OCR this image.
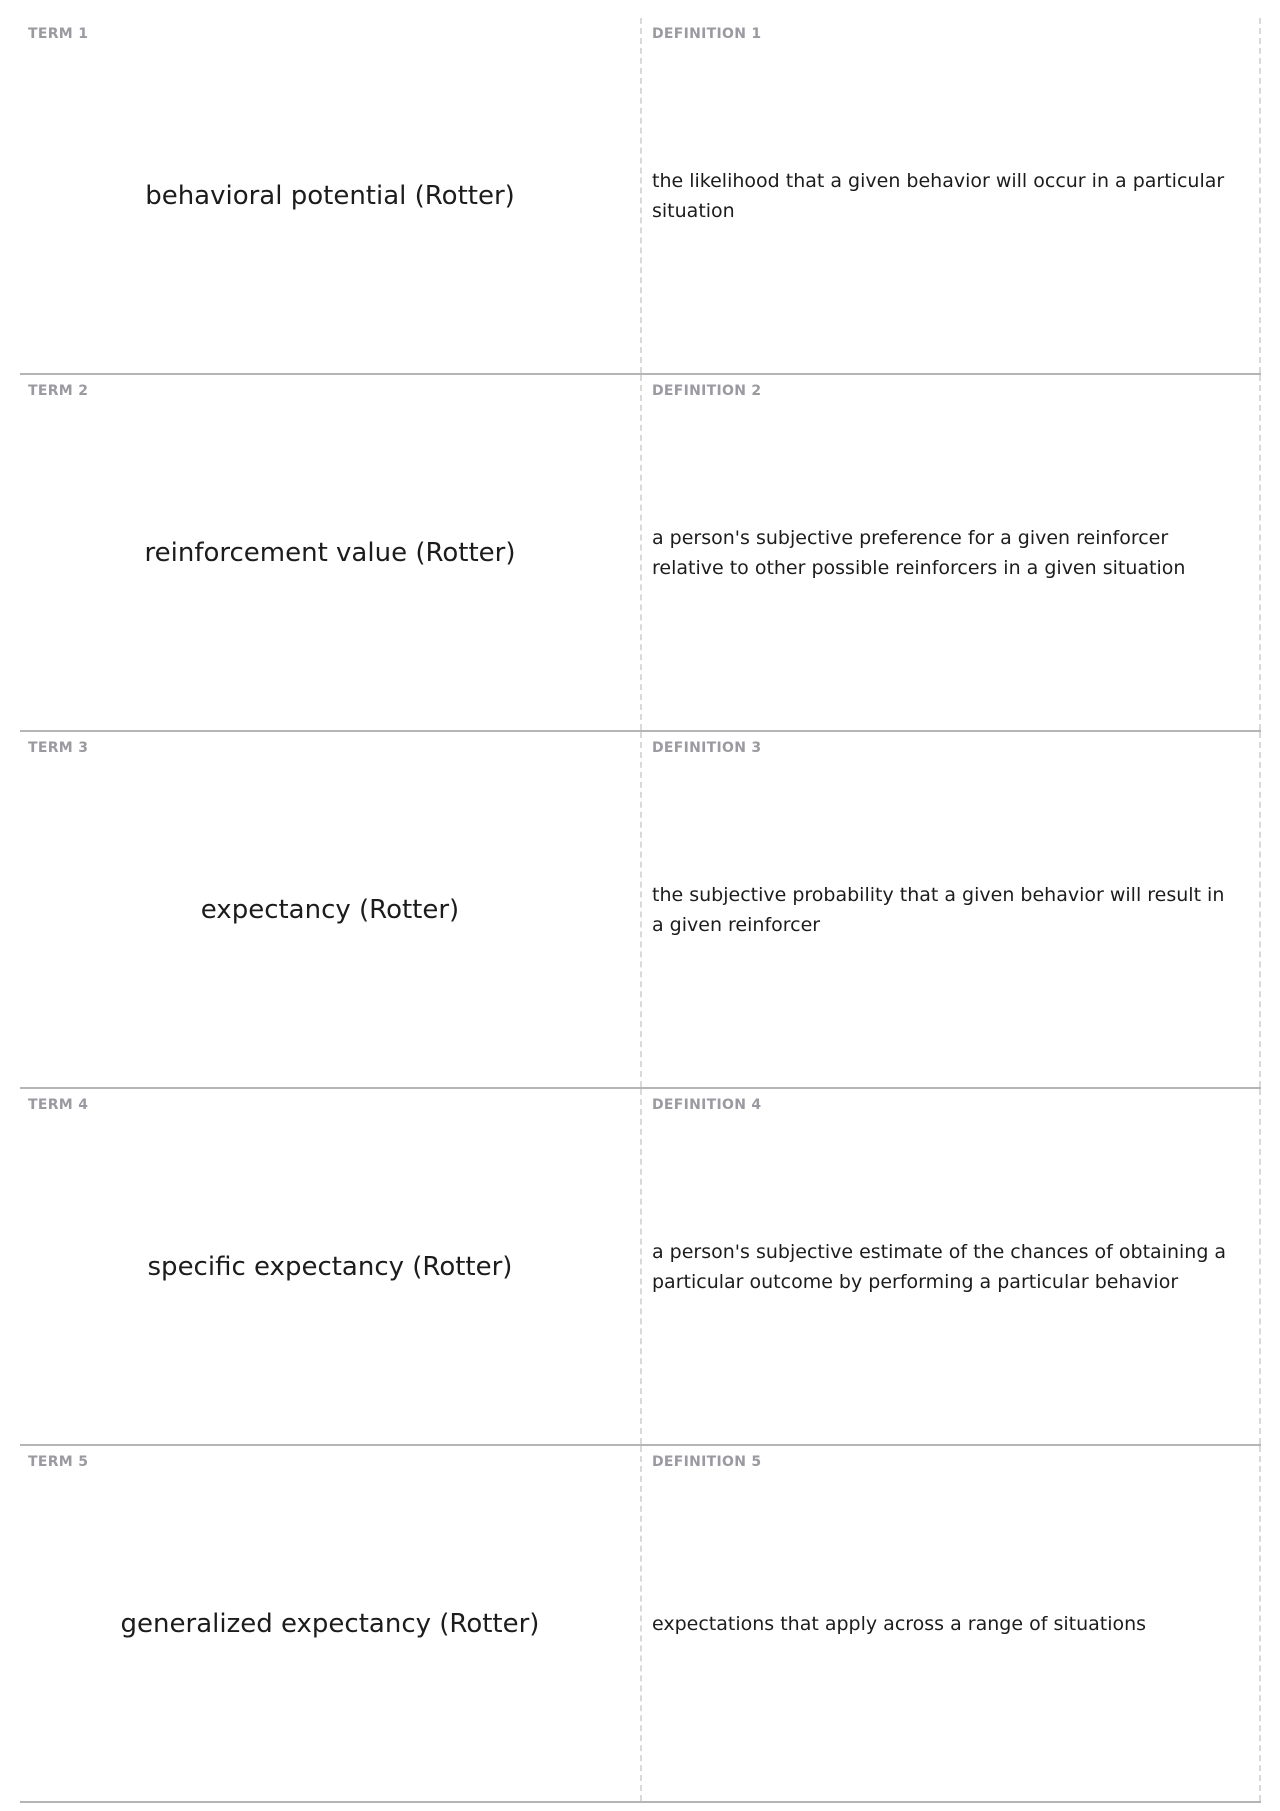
TERM 1
behavioral potential (Rotter)
DEFINITION 1
the likelihood that a given behavior will occur in a particular situation
TERM 2
reinforcement value (Rotter)
DEFINITION 2
a person's subjective preference for a given reinforcer relative to other possible reinforcers in a given situation
TERM 3
expectancy (Rotter)
DEFINITION 3
the subjective probability that a given behavior will result in a given reinforcer
TERM 4
specific expectancy (Rotter)
DEFINITION 4
a person's subjective estimate of the chances of obtaining a particular outcome by performing a particular behavior
TERM 5
generalized expectancy (Rotter)
DEFINITION 5
expectations that apply across a range of situations
